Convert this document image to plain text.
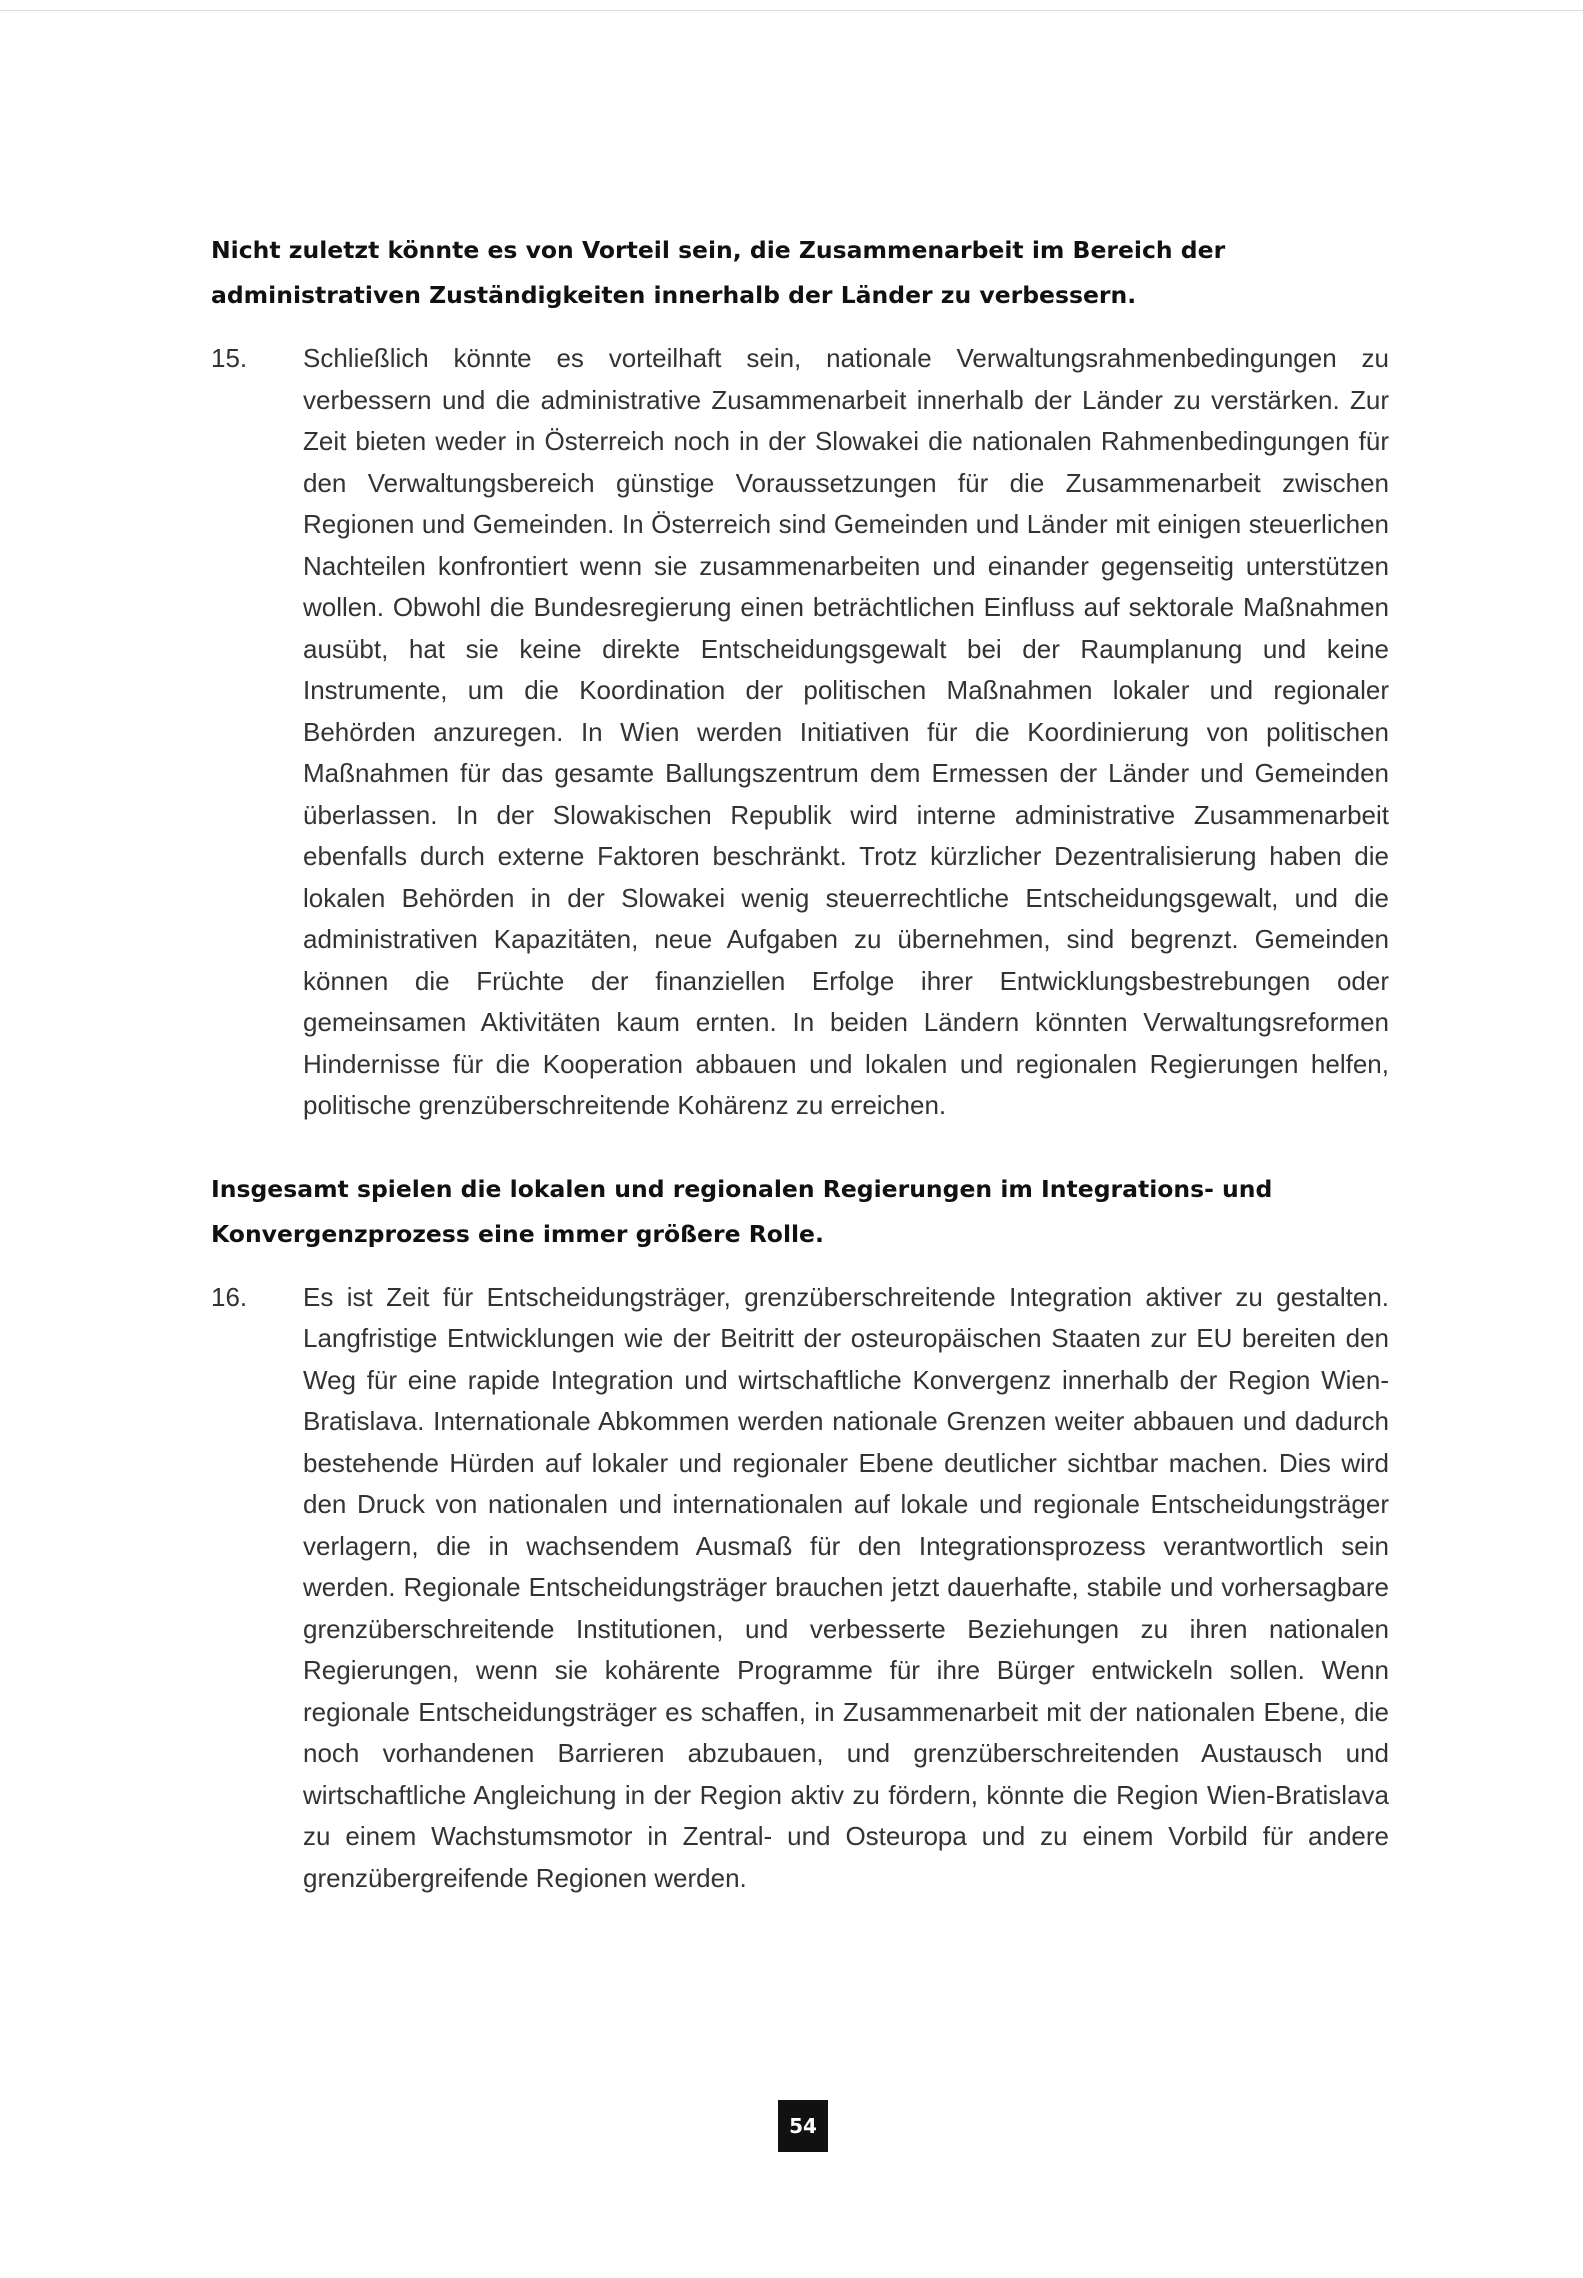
Nicht zuletzt könnte es von Vorteil sein, die Zusammenarbeit im Bereich der administrativen Zuständigkeiten innerhalb der Länder zu verbessern.

15. Schließlich könnte es vorteilhaft sein, nationale Verwaltungsrahmenbedingungen zu verbessern und die administrative Zusammenarbeit innerhalb der Länder zu verstärken. Zur Zeit bieten weder in Österreich noch in der Slowakei die nationalen Rahmenbedingungen für den Verwaltungsbereich günstige Voraussetzungen für die Zusammenarbeit zwischen Regionen und Gemeinden. In Österreich sind Gemeinden und Länder mit einigen steuerlichen Nachteilen konfrontiert wenn sie zusammenarbeiten und einander gegenseitig unterstützen wollen. Obwohl die Bundesregierung einen beträchtlichen Einfluss auf sektorale Maßnahmen ausübt, hat sie keine direkte Entscheidungsgewalt bei der Raumplanung und keine Instrumente, um die Koordination der politischen Maßnahmen lokaler und regionaler Behörden anzuregen. In Wien werden Initiativen für die Koordinierung von politischen Maßnahmen für das gesamte Ballungszentrum dem Ermessen der Länder und Gemeinden überlassen. In der Slowakischen Republik wird interne administrative Zusammenarbeit ebenfalls durch externe Faktoren beschränkt. Trotz kürzlicher Dezentralisierung haben die lokalen Behörden in der Slowakei wenig steuerrechtliche Entscheidungsgewalt, und die administrativen Kapazitäten, neue Aufgaben zu übernehmen, sind begrenzt. Gemeinden können die Früchte der finanziellen Erfolge ihrer Entwicklungsbestrebungen oder gemeinsamen Aktivitäten kaum ernten. In beiden Ländern könnten Verwaltungsreformen Hindernisse für die Kooperation abbauen und lokalen und regionalen Regierungen helfen, politische grenzüberschreitende Kohärenz zu erreichen.

Insgesamt spielen die lokalen und regionalen Regierungen im Integrations- und Konvergenzprozess eine immer größere Rolle.

16. Es ist Zeit für Entscheidungsträger, grenzüberschreitende Integration aktiver zu gestalten. Langfristige Entwicklungen wie der Beitritt der osteuropäischen Staaten zur EU bereiten den Weg für eine rapide Integration und wirtschaftliche Konvergenz innerhalb der Region Wien-Bratislava. Internationale Abkommen werden nationale Grenzen weiter abbauen und dadurch bestehende Hürden auf lokaler und regionaler Ebene deutlicher sichtbar machen. Dies wird den Druck von nationalen und internationalen auf lokale und regionale Entscheidungsträger verlagern, die in wachsendem Ausmaß für den Integrationsprozess verantwortlich sein werden. Regionale Entscheidungsträger brauchen jetzt dauerhafte, stabile und vorhersagbare grenzüberschreitende Institutionen, und verbesserte Beziehungen zu ihren nationalen Regierungen, wenn sie kohärente Programme für ihre Bürger entwickeln sollen. Wenn regionale Entscheidungsträger es schaffen, in Zusammenarbeit mit der nationalen Ebene, die noch vorhandenen Barrieren abzubauen, und grenzüberschreitenden Austausch und wirtschaftliche Angleichung in der Region aktiv zu fördern, könnte die Region Wien-Bratislava zu einem Wachstumsmotor in Zentral- und Osteuropa und zu einem Vorbild für andere grenzübergreifende Regionen werden.

54
